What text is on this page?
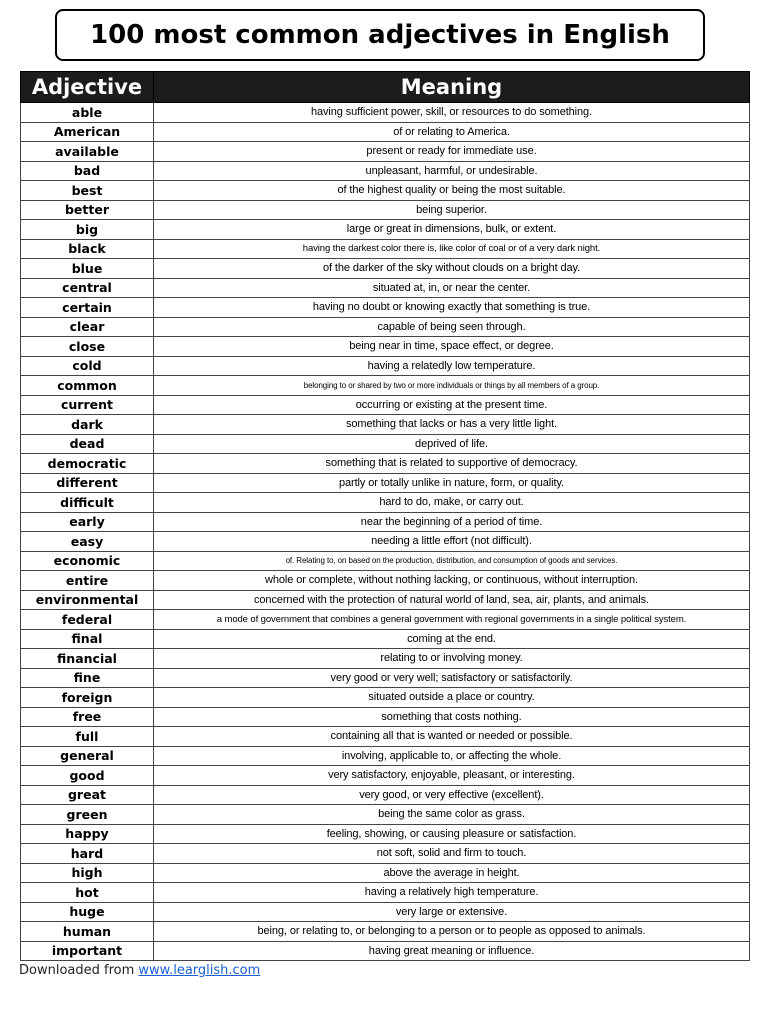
100 most common adjectives in English
Adjective	Meaning
able	having sufficient power, skill, or resources to do something.
American	of or relating to America.
available	present or ready for immediate use.
bad	unpleasant, harmful, or undesirable.
best	of the highest quality or being the most suitable.
better	being superior.
big	large or great in dimensions, bulk, or extent.
black	having the darkest color there is, like color of coal or of a very dark night.
blue	of the darker of the sky without clouds on a bright day.
central	situated at, in, or near the center.
certain	having no doubt or knowing exactly that something is true.
clear	capable of being seen through.
close	being near in time, space effect, or degree.
cold	having a relatedly low temperature.
common	belonging to or shared by two or more individuals or things by all members of a group.
current	occurring or existing at the present time.
dark	something that lacks or has a very little light.
dead	deprived of life.
democratic	something that is related to supportive of democracy.
different	partly or totally unlike in nature, form, or quality.
difficult	hard to do, make, or carry out.
early	near the beginning of a period of time.
easy	needing a little effort (not difficult).
economic	of. Relating to, on based on the production, distribution, and consumption of goods and services.
entire	whole or complete, without nothing lacking, or continuous, without interruption.
environmental	concerned with the protection of natural world of land, sea, air, plants, and animals.
federal	a mode of government that combines a general government with regional governments in a single political system.
final	coming at the end.
financial	relating to or involving money.
fine	very good or very well; satisfactory or satisfactorily.
foreign	situated outside a place or country.
free	something that costs nothing.
full	containing all that is wanted or needed or possible.
general	involving, applicable to, or affecting the whole.
good	very satisfactory, enjoyable, pleasant, or interesting.
great	very good, or very effective (excellent).
green	being the same color as grass.
happy	feeling, showing, or causing pleasure or satisfaction.
hard	not soft, solid and firm to touch.
high	above the average in height.
hot	having a relatively high temperature.
huge	very large or extensive.
human	being, or relating to, or belonging to a person or to people as opposed to animals.
important	having great meaning or influence.
Downloaded from www.learglish.com
